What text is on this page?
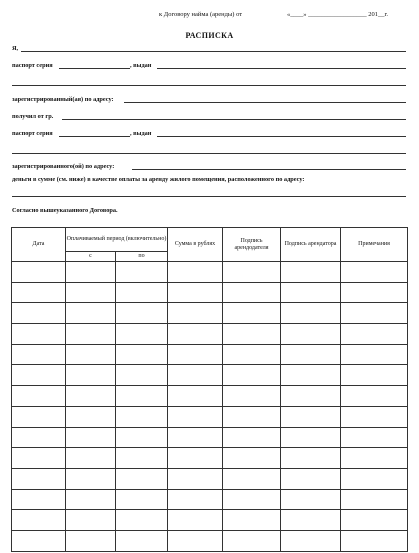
к Договору найма (аренды) от	«____» __________________ 201__г.
РАСПИСКА
Я,
паспорт серия	, выдан
зарегистрированный(ая) по адресу:
получил от гр.
паспорт серия	, выдан
зарегистрированного(ой) по адресу:
деньги в сумме (см. ниже) в качестве оплаты за аренду жилого помещения, расположенного по адресу:
Согласно вышеуказанного Договора.
Дата	Оплачиваемый период (включительно)		Сумма в рублях	Подпись арендодателя	Подпись арендатора	Примечания
	с	по				
